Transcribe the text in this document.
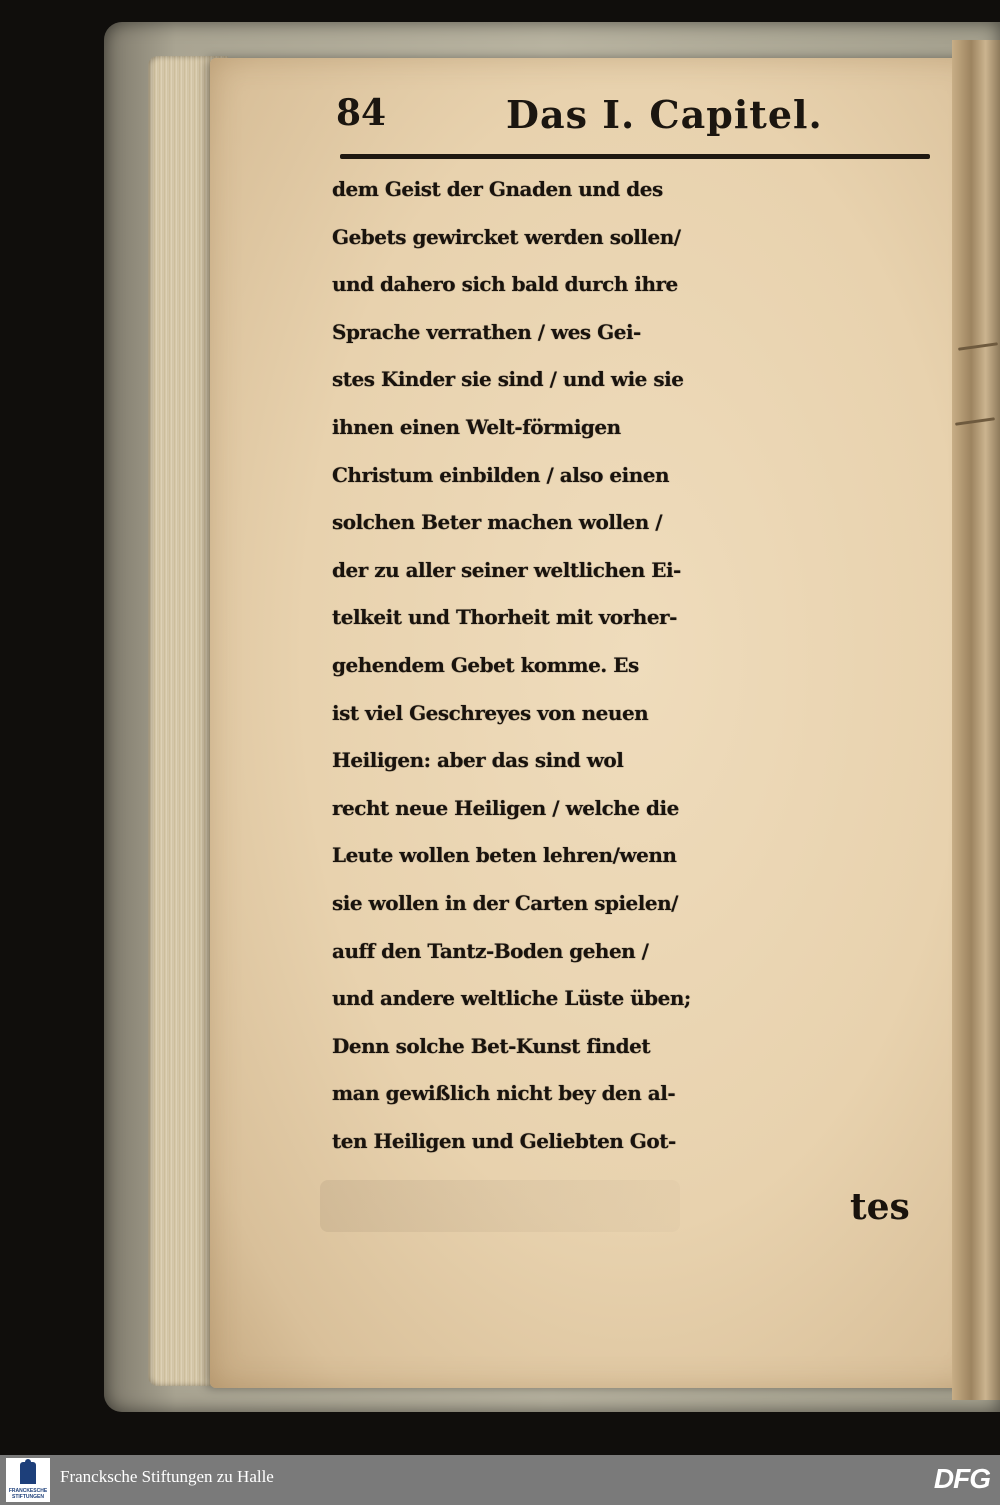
84	Das I. Capitel.
dem Geist der Gnaden und des
Gebets gewircket werden sollen/
und dahero sich bald durch ihre
Sprache verrathen / wes Gei-
stes Kinder sie sind / und wie sie
ihnen einen Welt-förmigen
Christum einbilden / also einen
solchen Beter machen wollen /
der zu aller seiner weltlichen Ei-
telkeit und Thorheit mit vorher-
gehendem Gebet komme. Es
ist viel Geschreyes von neuen
Heiligen: aber das sind wol
recht neue Heiligen / welche die
Leute wollen beten lehren/wenn
sie wollen in der Carten spielen/
auff den Tantz-Boden gehen /
und andere weltliche Lüste üben;
Denn solche Bet-Kunst findet
man gewißlich nicht bey den al-
ten Heiligen und Geliebten Got-
tes
FRANCKESCHE STIFTUNGEN
Francksche Stiftungen zu Halle	DFG
